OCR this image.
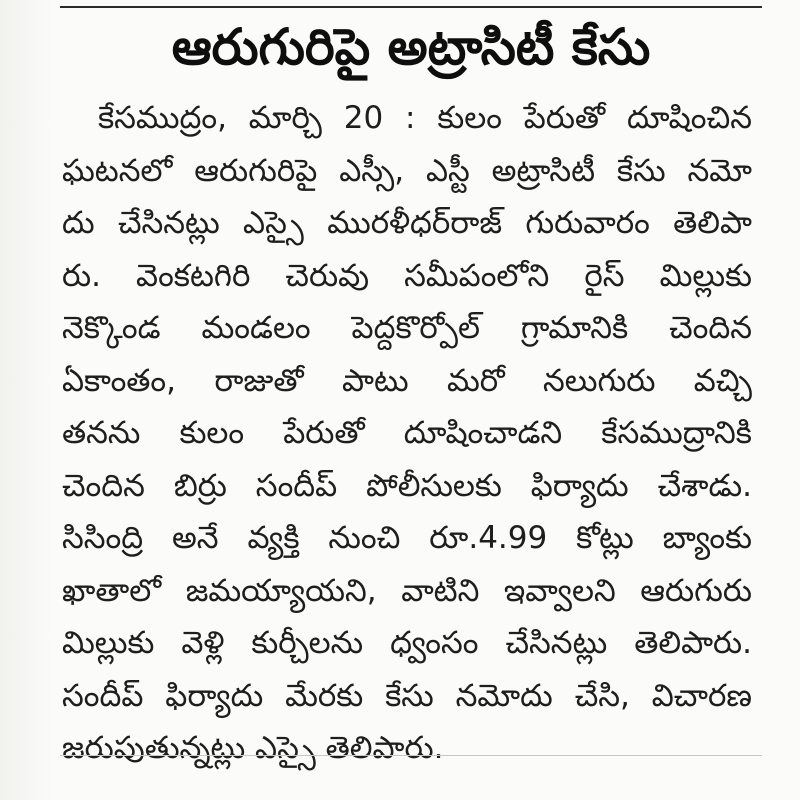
ఆరుగురిపై అట్రాసిటీ కేసు
కేసముద్రం, మార్చి 20 : కులం పేరుతో దూషించిన
ఘటనలో ఆరుగురిపై ఎస్సీ, ఎస్టీ అట్రాసిటీ కేసు నమో
దు చేసినట్లు ఎస్సై మురళీధర్‌రాజ్ గురువారం తెలిపా
రు. వెంకటగిరి చెరువు సమీపంలోని రైస్ మిల్లుకు
నెక్కొండ మండలం పెద్దకొర్పోల్ గ్రామానికి చెందిన
ఏకాంతం, రాజుతో పాటు మరో నలుగురు వచ్చి
తనను కులం పేరుతో దూషించాడని కేసముద్రానికి
చెందిన బిర్రు సందీప్ పోలీసులకు ఫిర్యాదు చేశాడు.
సిసింద్రి అనే వ్యక్తి నుంచి రూ.4.99 కోట్లు బ్యాంకు
ఖాతాలో జమయ్యాయని, వాటిని ఇవ్వాలని ఆరుగురు
మిల్లుకు వెళ్లి కుర్చీలను ధ్వంసం చేసినట్లు తెలిపారు.
సందీప్ ఫిర్యాదు మేరకు కేసు నమోదు చేసి, విచారణ
జరుపుతున్నట్లు ఎస్సై తెలిపారు.
